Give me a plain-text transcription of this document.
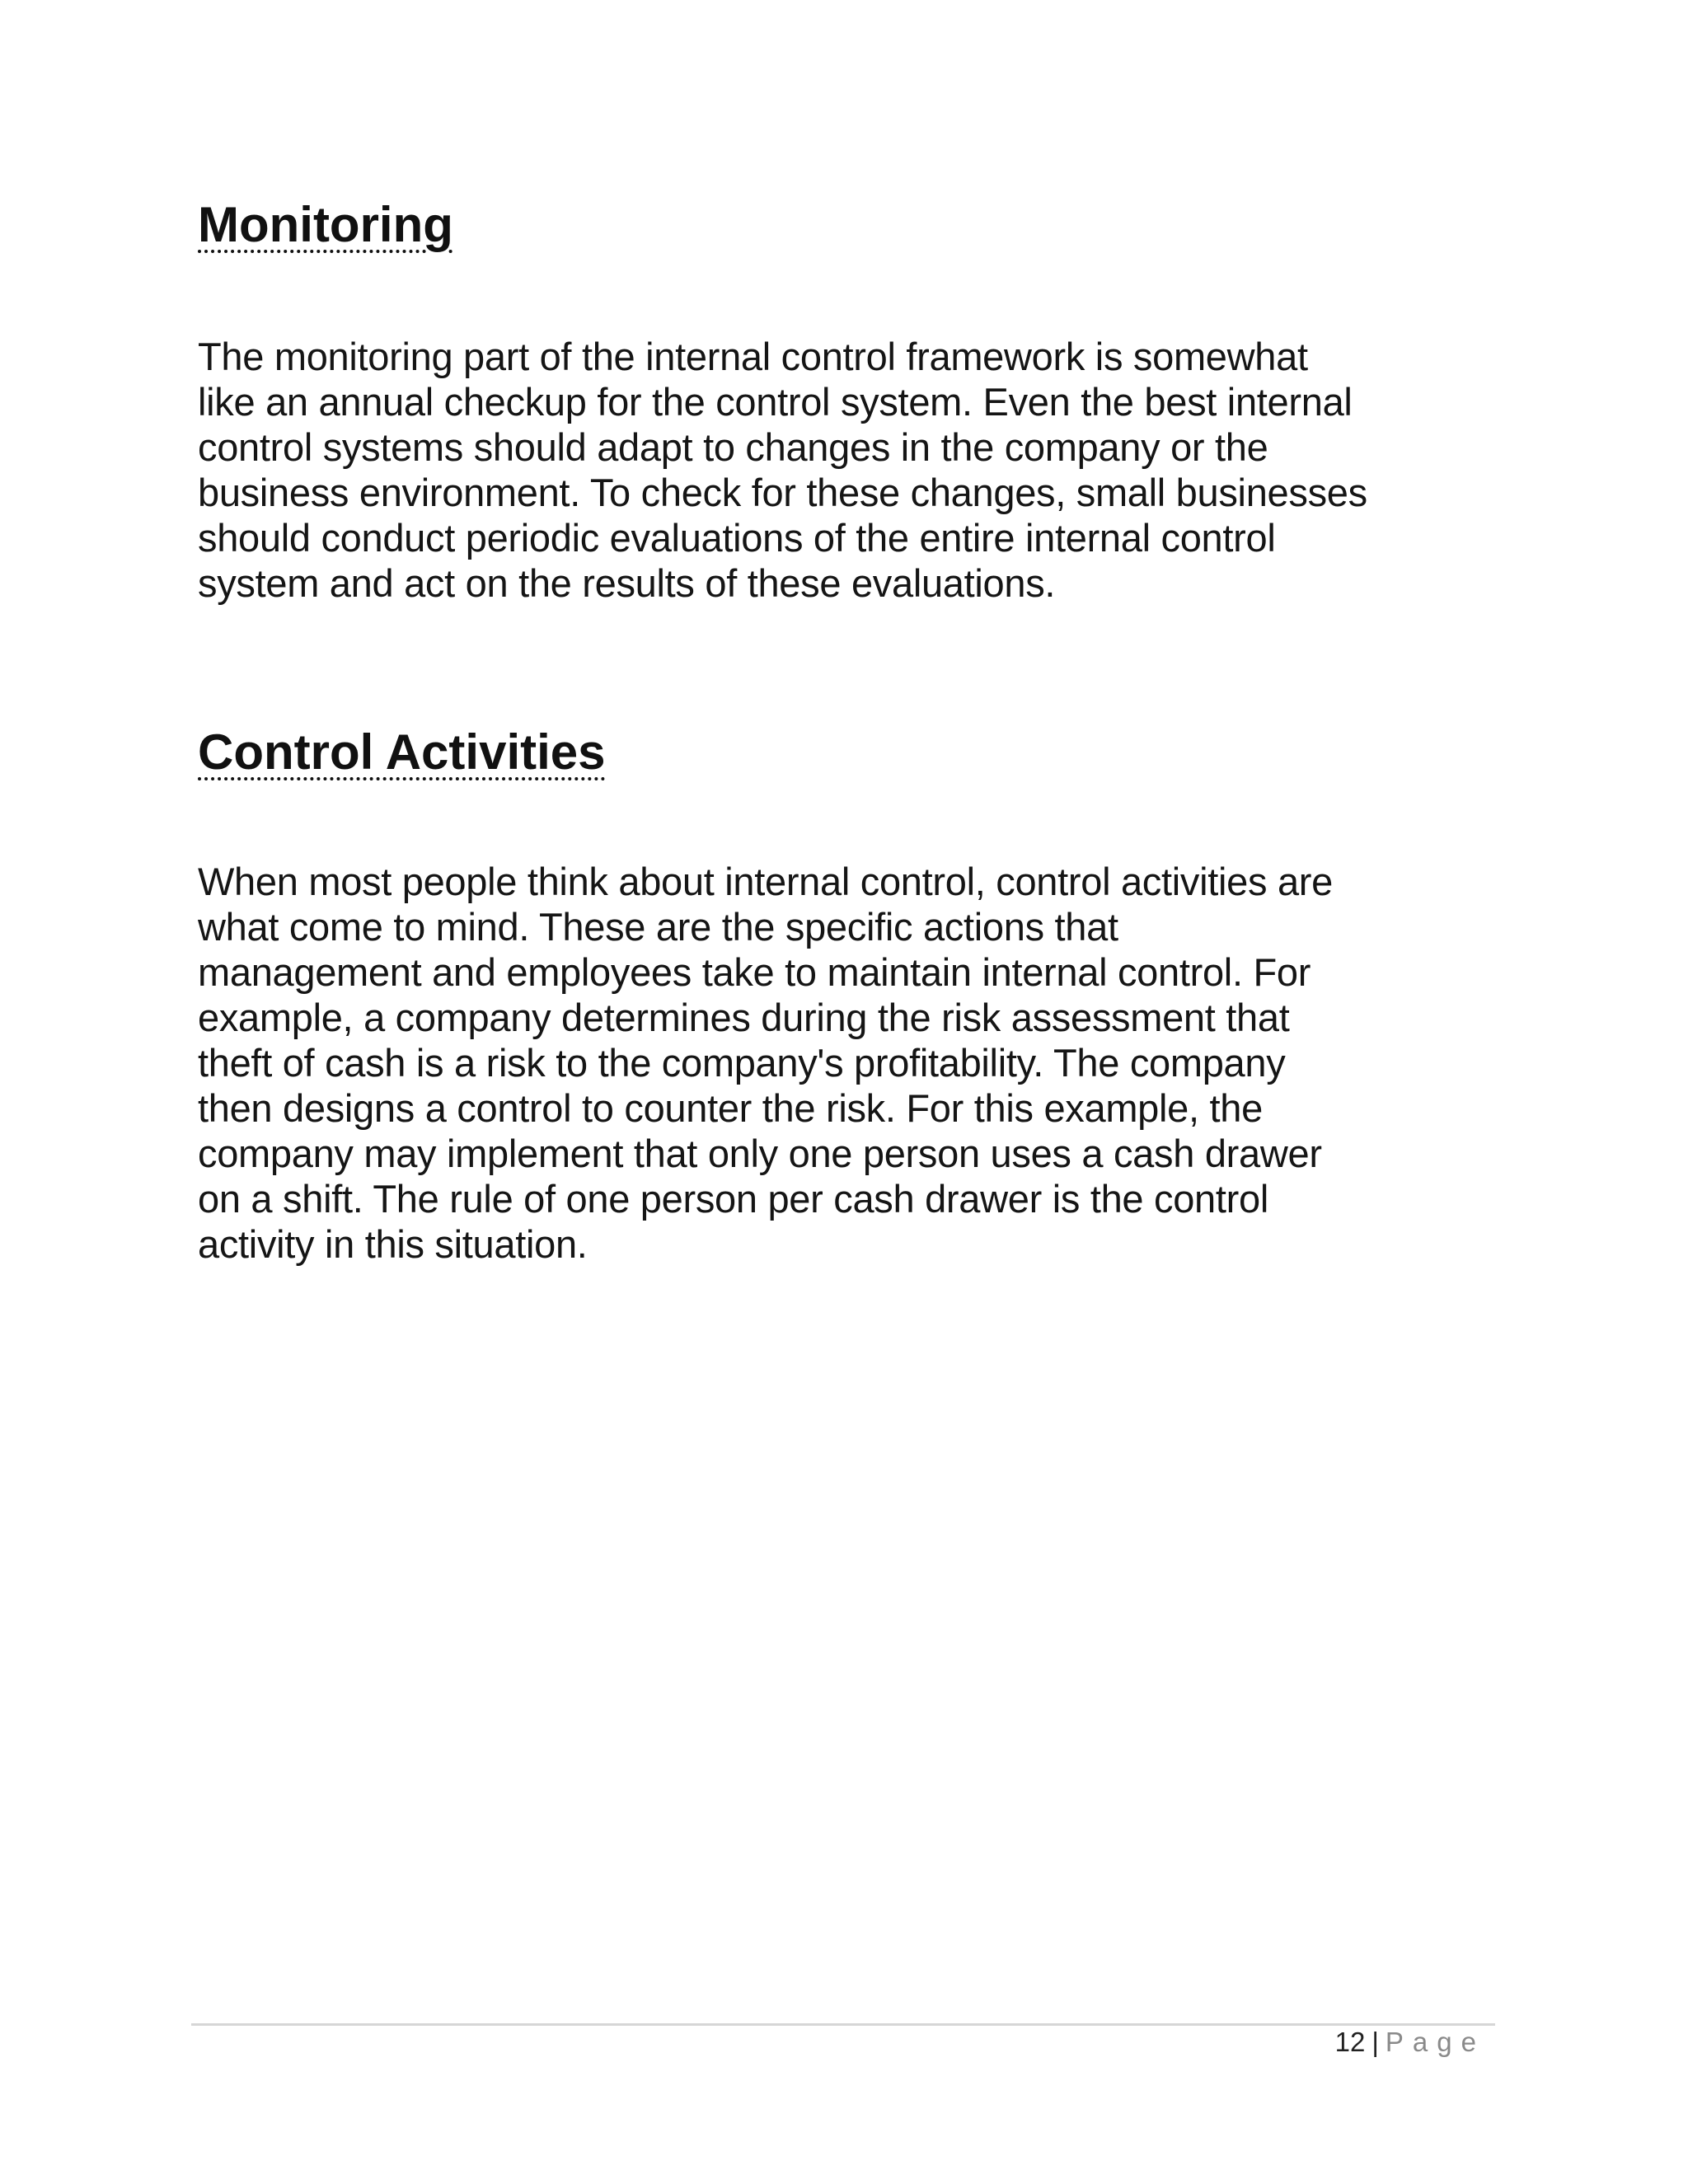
Monitoring
The monitoring part of the internal control framework is somewhat
like an annual checkup for the control system. Even the best internal
control systems should adapt to changes in the company or the
business environment. To check for these changes, small businesses
should conduct periodic evaluations of the entire internal control
system and act on the results of these evaluations.
Control Activities
When most people think about internal control, control activities are
what come to mind. These are the specific actions that
management and employees take to maintain internal control. For
example, a company determines during the risk assessment that
theft of cash is a risk to the company's profitability. The company
then designs a control to counter the risk. For this example, the
company may implement that only one person uses a cash drawer
on a shift. The rule of one person per cash drawer is the control
activity in this situation.
12 | Page
